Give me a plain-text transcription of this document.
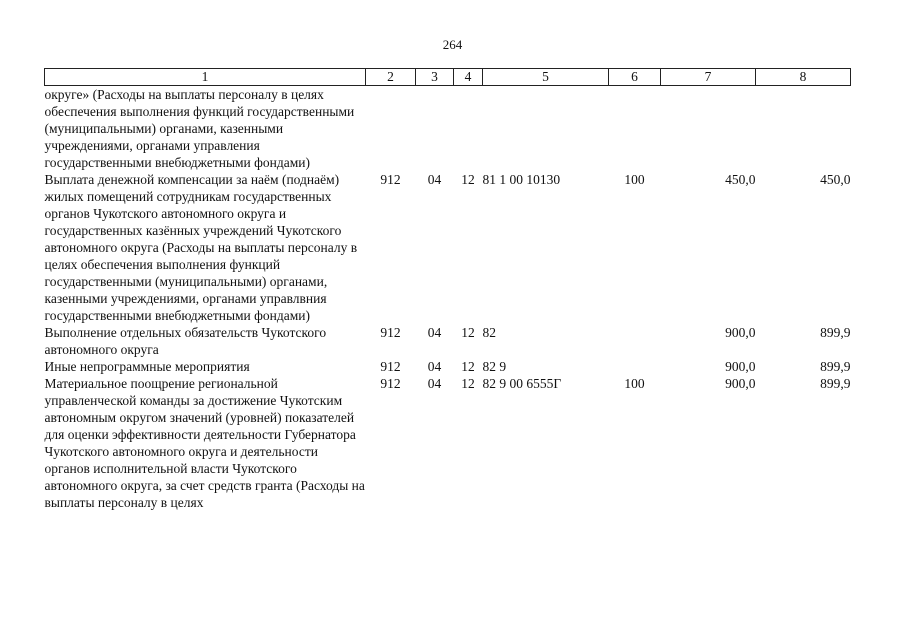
264
1	2	3	4	5	6	7	8
округе» (Расходы на выплаты персоналу в целях обеспечения выполнения функций государственными (муниципальными) органами, казенными учреждениями, органами управления государственными внебюджетными фондами)							
Выплата денежной компенсации за наём (поднаём) жилых помещений сотрудникам государственных органов Чукотского автономного округа и государственных казённых учреждений Чукотского автономного округа (Расходы на выплаты персоналу в целях обеспечения выполнения функций государственными (муниципальными) органами, казенными учреждениями, органами управлвния государственными внебюджетными фондами)	912	04	12	81 1 00 10130	100	450,0	450,0
Выполнение отдельных обязательств Чукотского автономного округа	912	04	12	82		900,0	899,9
Иные непрограммные мероприятия	912	04	12	82 9		900,0	899,9
Материальное поощрение региональной управленческой команды за достижение Чукотским автономным округом значений (уровней) показателей для оценки эффективности деятельности Губернатора Чукотского автономного округа и деятельности органов исполнительной власти Чукотского автономного округа, за счет средств гранта (Расходы на выплаты персоналу в целях	912	04	12	82 9 00 6555Г	100	900,0	899,9
